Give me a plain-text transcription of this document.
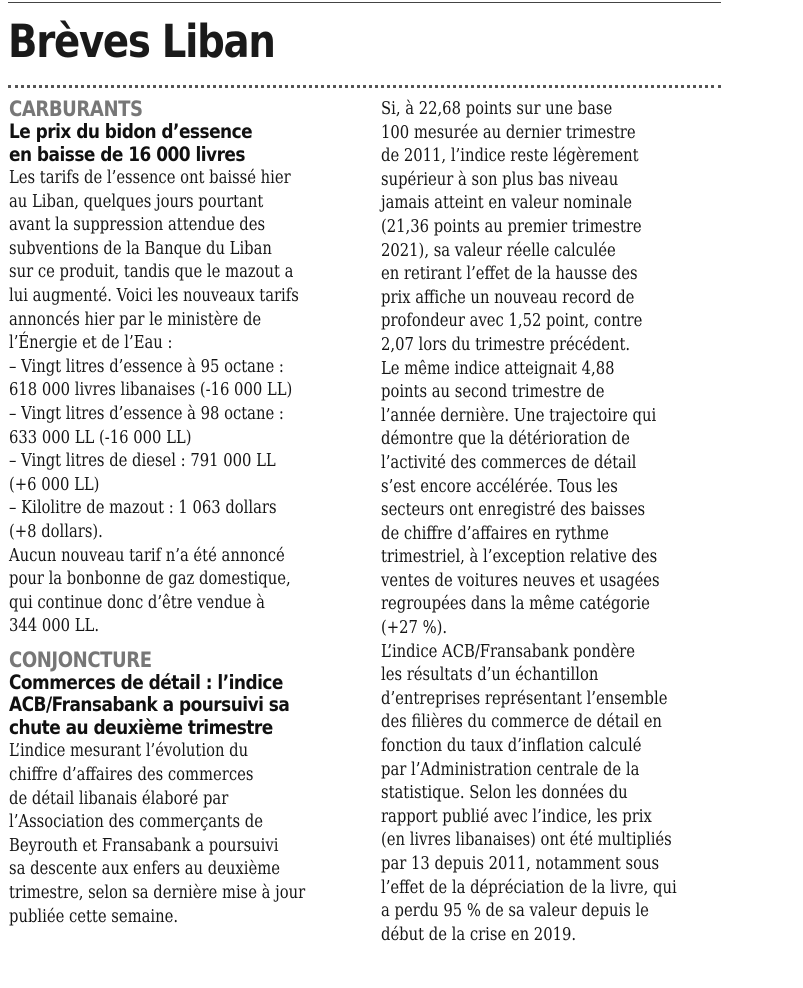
Brèves Liban
CARBURANTS
Le prix du bidon d’essence
en baisse de 16 000 livres
Les tarifs de l’essence ont baissé hier
au Liban, quelques jours pourtant
avant la suppression attendue des
subventions de la Banque du Liban
sur ce produit, tandis que le mazout a
lui augmenté. Voici les nouveaux tarifs
annoncés hier par le ministère de
l’Énergie et de l’Eau :
– Vingt litres d’essence à 95 octane :
618 000 livres libanaises (-16 000 LL)
– Vingt litres d’essence à 98 octane :
633 000 LL (-16 000 LL)
– Vingt litres de diesel : 791 000 LL
(+6 000 LL)
– Kilolitre de mazout : 1 063 dollars
(+8 dollars).
Aucun nouveau tarif n’a été annoncé
pour la bonbonne de gaz domestique,
qui continue donc d’être vendue à
344 000 LL.
CONJONCTURE
Commerces de détail : l’indice
ACB/Fransabank a poursuivi sa
chute au deuxième trimestre
L’indice mesurant l’évolution du
chiffre d’affaires des commerces
de détail libanais élaboré par
l’Association des commerçants de
Beyrouth et Fransabank a poursuivi
sa descente aux enfers au deuxième
trimestre, selon sa dernière mise à jour
publiée cette semaine.
Si, à 22,68 points sur une base
100 mesurée au dernier trimestre
de 2011, l’indice reste légèrement
supérieur à son plus bas niveau
jamais atteint en valeur nominale
(21,36 points au premier trimestre
2021), sa valeur réelle calculée
en retirant l’effet de la hausse des
prix affiche un nouveau record de
profondeur avec 1,52 point, contre
2,07 lors du trimestre précédent.
Le même indice atteignait 4,88
points au second trimestre de
l’année dernière. Une trajectoire qui
démontre que la détérioration de
l’activité des commerces de détail
s’est encore accélérée. Tous les
secteurs ont enregistré des baisses
de chiffre d’affaires en rythme
trimestriel, à l’exception relative des
ventes de voitures neuves et usagées
regroupées dans la même catégorie
(+27 %).
L’indice ACB/Fransabank pondère
les résultats d’un échantillon
d’entreprises représentant l’ensemble
des filières du commerce de détail en
fonction du taux d’inflation calculé
par l’Administration centrale de la
statistique. Selon les données du
rapport publié avec l’indice, les prix
(en livres libanaises) ont été multipliés
par 13 depuis 2011, notamment sous
l’effet de la dépréciation de la livre, qui
a perdu 95 % de sa valeur depuis le
début de la crise en 2019.
